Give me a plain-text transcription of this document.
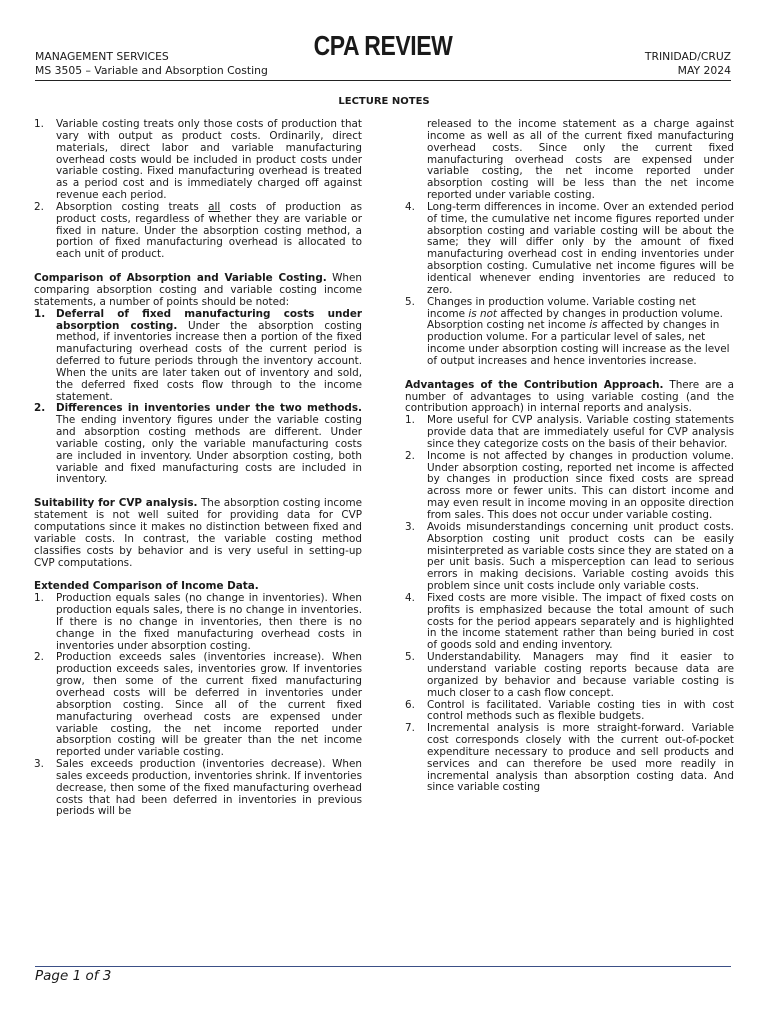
MANAGEMENT SERVICES
MS 3505 – Variable and Absorption Costing
CPA REVIEW	TRINIDAD/CRUZ
MAY 2024
LECTURE NOTES
1. Variable costing treats only those costs of production that vary with output as product costs. Ordinarily, direct materials, direct labor and variable manufacturing overhead costs would be included in product costs under variable costing. Fixed manufacturing overhead is treated as a period cost and is immediately charged off against revenue each period.
2. Absorption costing treats all costs of production as product costs, regardless of whether they are variable or fixed in nature. Under the absorption costing method, a portion of fixed manufacturing overhead is allocated to each unit of product.

Comparison of Absorption and Variable Costing. When comparing absorption costing and variable costing income statements, a number of points should be noted:

1. Deferral of fixed manufacturing costs under absorption costing. Under the absorption costing method, if inventories increase then a portion of the fixed manufacturing overhead costs of the current period is deferred to future periods through the inventory account. When the units are later taken out of inventory and sold, the deferred fixed costs flow through to the income statement.
2. Differences in inventories under the two methods. The ending inventory figures under the variable costing and absorption costing methods are different. Under variable costing, only the variable manufacturing costs are included in inventory. Under absorption costing, both variable and fixed manufacturing costs are included in inventory.

Suitability for CVP analysis. The absorption costing income statement is not well suited for providing data for CVP computations since it makes no distinction between fixed and variable costs. In contrast, the variable costing method classifies costs by behavior and is very useful in setting-up CVP computations.

Extended Comparison of Income Data.

1. Production equals sales (no change in inventories). When production equals sales, there is no change in inventories. If there is no change in inventories, then there is no change in the fixed manufacturing overhead costs in inventories under absorption costing.
2. Production exceeds sales (inventories increase). When production exceeds sales, inventories grow. If inventories grow, then some of the current fixed manufacturing overhead costs will be deferred in inventories under absorption costing. Since all of the current fixed manufacturing overhead costs are expensed under variable costing, the net income reported under absorption costing will be greater than the net income reported under variable costing.
3. Sales exceeds production (inventories decrease). When sales exceeds production, inventories shrink. If inventories decrease, then some of the fixed manufacturing overhead costs that had been deferred in inventories in previous periods will be
released to the income statement as a charge against income as well as all of the current fixed manufacturing overhead costs. Since only the current fixed manufacturing overhead costs are expensed under variable costing, the net income reported under absorption costing will be less than the net income reported under variable costing.
4. Long-term differences in income. Over an extended period of time, the cumulative net income figures reported under absorption costing and variable costing will be about the same; they will differ only by the amount of fixed manufacturing overhead cost in ending inventories under absorption costing. Cumulative net income figures will be identical whenever ending inventories are reduced to zero.
5. Changes in production volume. Variable costing net income is not affected by changes in production volume. Absorption costing net income is affected by changes in production volume. For a particular level of sales, net income under absorption costing will increase as the level of output increases and hence inventories increase.

Advantages of the Contribution Approach. There are a number of advantages to using variable costing (and the contribution approach) in internal reports and analysis.

1. More useful for CVP analysis. Variable costing statements provide data that are immediately useful for CVP analysis since they categorize costs on the basis of their behavior.
2. Income is not affected by changes in production volume. Under absorption costing, reported net income is affected by changes in production since fixed costs are spread across more or fewer units. This can distort income and may even result in income moving in an opposite direction from sales. This does not occur under variable costing.
3. Avoids misunderstandings concerning unit product costs. Absorption costing unit product costs can be easily misinterpreted as variable costs since they are stated on a per unit basis. Such a misperception can lead to serious errors in making decisions. Variable costing avoids this problem since unit costs include only variable costs.
4. Fixed costs are more visible. The impact of fixed costs on profits is emphasized because the total amount of such costs for the period appears separately and is highlighted in the income statement rather than being buried in cost of goods sold and ending inventory.
5. Understandability. Managers may find it easier to understand variable costing reports because data are organized by behavior and because variable costing is much closer to a cash flow concept.
6. Control is facilitated. Variable costing ties in with cost control methods such as flexible budgets.
7. Incremental analysis is more straight-forward. Variable cost corresponds closely with the current out-of-pocket expenditure necessary to produce and sell products and services and can therefore be used more readily in incremental analysis than absorption costing data. And since variable costing
Page 1 of 3
